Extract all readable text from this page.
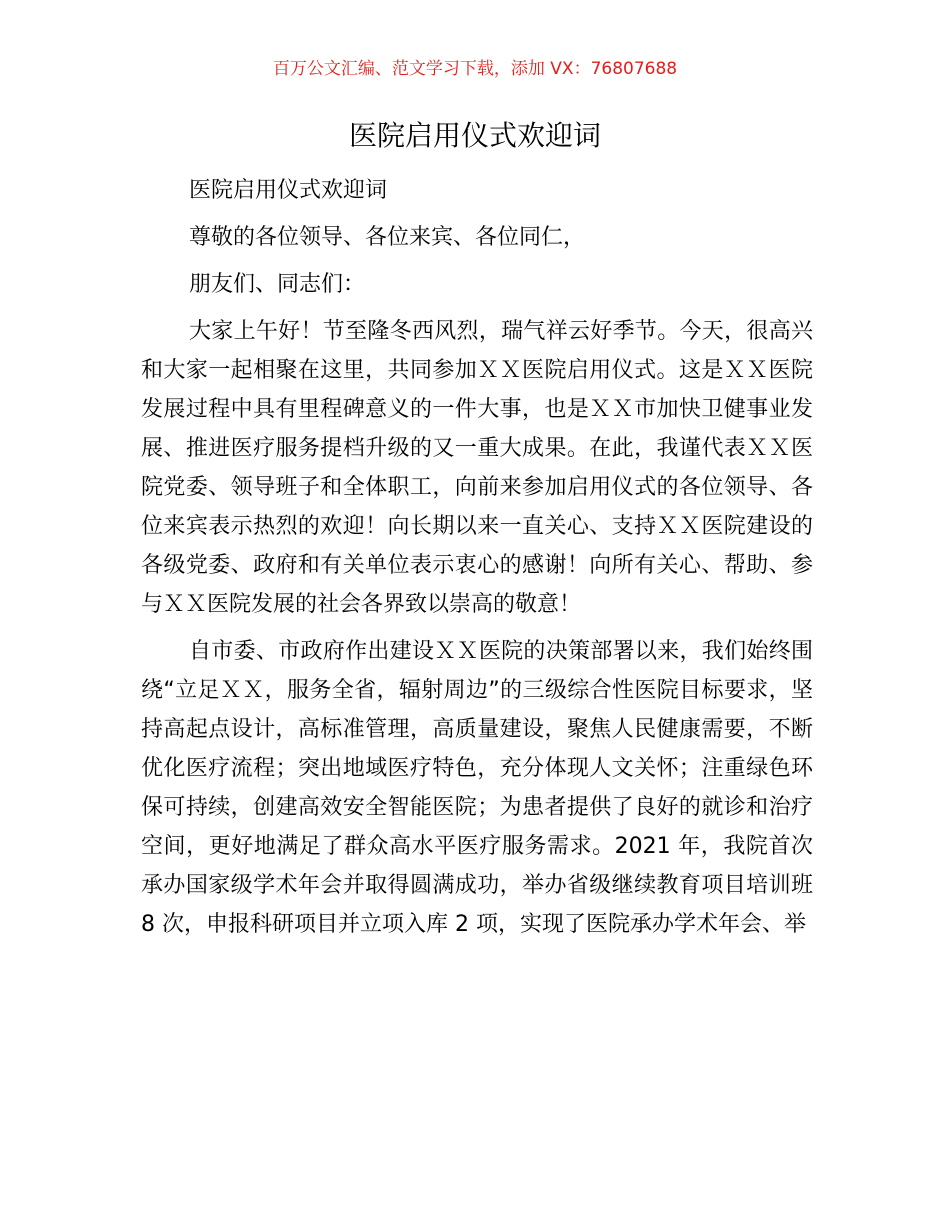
百万公文汇编、范文学习下载，添加 VX：76807688
医院启用仪式欢迎词

医院启用仪式欢迎词

尊敬的各位领导、各位来宾、各位同仁，

朋友们、同志们：

大家上午好！节至隆冬西风烈，瑞气祥云好季节。今天，很高兴和大家一起相聚在这里，共同参加ＸＸ医院启用仪式。这是ＸＸ医院发展过程中具有里程碑意义的一件大事，也是ＸＸ市加快卫健事业发展、推进医疗服务提档升级的又一重大成果。在此，我谨代表ＸＸ医院党委、领导班子和全体职工，向前来参加启用仪式的各位领导、各位来宾表示热烈的欢迎！向长期以来一直关心、支持ＸＸ医院建设的各级党委、政府和有关单位表示衷心的感谢！向所有关心、帮助、参与ＸＸ医院发展的社会各界致以崇高的敬意！

自市委、市政府作出建设ＸＸ医院的决策部署以来，我们始终围绕“立足ＸＸ，服务全省，辐射周边”的三级综合性医院目标要求，坚持高起点设计，高标准管理，高质量建设，聚焦人民健康需要，不断优化医疗流程；突出地域医疗特色，充分体现人文关怀；注重绿色环保可持续，创建高效安全智能医院；为患者提供了良好的就诊和治疗空间，更好地满足了群众高水平医疗服务需求。2021 年，我院首次承办国家级学术年会并取得圆满成功，举办省级继续教育项目培训班 8 次，申报科研项目并立项入库 2 项，实现了医院承办学术年会、举
